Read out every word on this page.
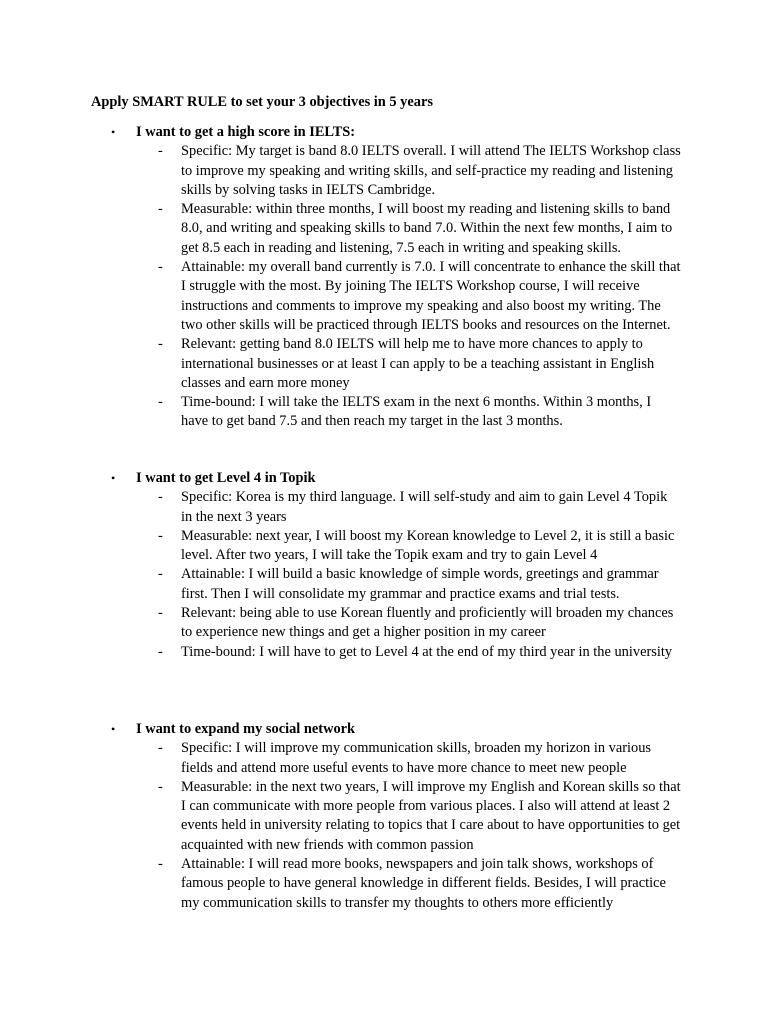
Apply SMART RULE to set your 3 objectives in 5 years
• I want to get a high score in IELTS:
- Specific: My target is band 8.0 IELTS overall. I will attend The IELTS Workshop class to improve my speaking and writing skills, and self-practice my reading and listening skills by solving tasks in IELTS Cambridge.
- Measurable: within three months, I will boost my reading and listening skills to band 8.0, and writing and speaking skills to band 7.0. Within the next few months, I aim to get 8.5 each in reading and listening, 7.5 each in writing and speaking skills.
- Attainable: my overall band currently is 7.0. I will concentrate to enhance the skill that I struggle with the most. By joining The IELTS Workshop course, I will receive instructions and comments to improve my speaking and also boost my writing. The two other skills will be practiced through IELTS books and resources on the Internet.
- Relevant: getting band 8.0 IELTS will help me to have more chances to apply to international businesses or at least I can apply to be a teaching assistant in English classes and earn more money
- Time-bound: I will take the IELTS exam in the next 6 months. Within 3 months, I have to get band 7.5 and then reach my target in the last 3 months.
• I want to get Level 4 in Topik
- Specific: Korea is my third language. I will self-study and aim to gain Level 4 Topik in the next 3 years
- Measurable: next year, I will boost my Korean knowledge to Level 2, it is still a basic level. After two years, I will take the Topik exam and try to gain Level 4
- Attainable: I will build a basic knowledge of simple words, greetings and grammar first. Then I will consolidate my grammar and practice exams and trial tests.
- Relevant: being able to use Korean fluently and proficiently will broaden my chances to experience new things and get a higher position in my career
- Time-bound: I will have to get to Level 4 at the end of my third year in the university
• I want to expand my social network
- Specific: I will improve my communication skills, broaden my horizon in various fields and attend more useful events to have more chance to meet new people
- Measurable: in the next two years, I will improve my English and Korean skills so that I can communicate with more people from various places. I also will attend at least 2 events held in university relating to topics that I care about to have opportunities to get acquainted with new friends with common passion
- Attainable: I will read more books, newspapers and join talk shows, workshops of famous people to have general knowledge in different fields. Besides, I will practice my communication skills to transfer my thoughts to others more efficiently
